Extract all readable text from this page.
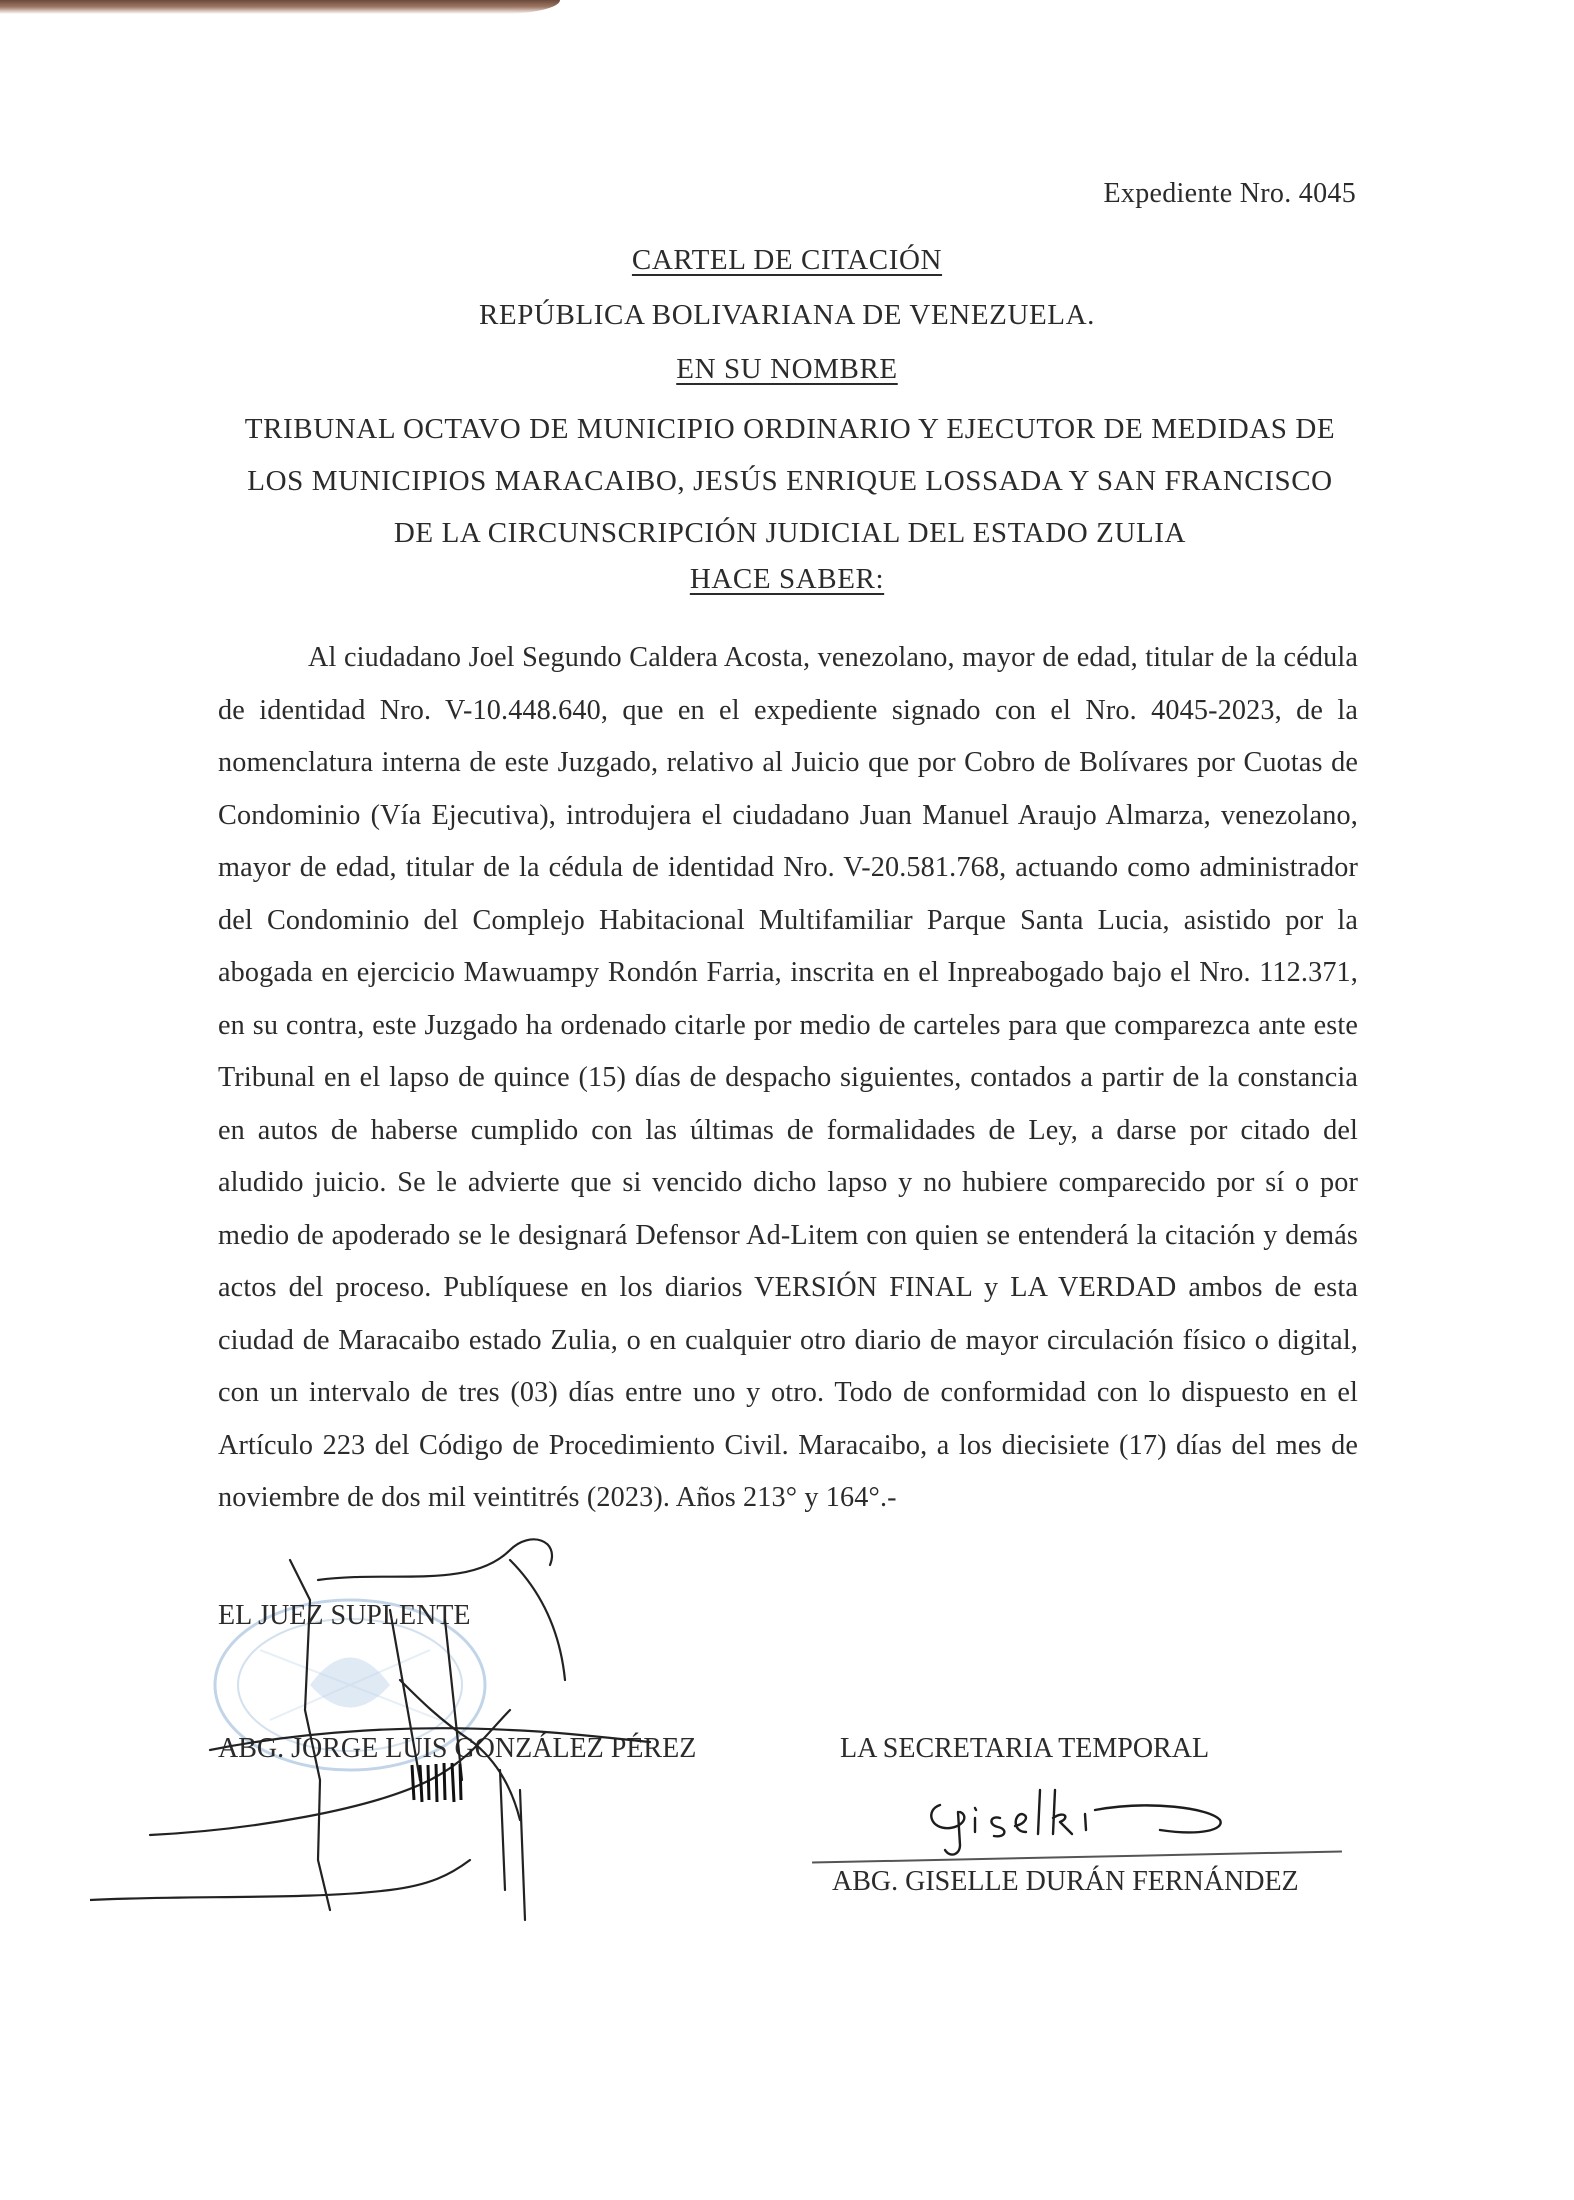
Expediente Nro. 4045
CARTEL DE CITACIÓN
REPÚBLICA BOLIVARIANA DE VENEZUELA.
EN SU NOMBRE
TRIBUNAL OCTAVO DE MUNICIPIO ORDINARIO Y EJECUTOR DE MEDIDAS DE LOS MUNICIPIOS MARACAIBO, JESÚS ENRIQUE LOSSADA Y SAN FRANCISCO DE LA CIRCUNSCRIPCIÓN JUDICIAL DEL ESTADO ZULIA
HACE SABER:
Al ciudadano Joel Segundo Caldera Acosta, venezolano, mayor de edad, titular de la cédula de identidad Nro. V-10.448.640, que en el expediente signado con el Nro. 4045-2023, de la nomenclatura interna de este Juzgado, relativo al Juicio que por Cobro de Bolívares por Cuotas de Condominio (Vía Ejecutiva), introdujera el ciudadano Juan Manuel Araujo Almarza, venezolano, mayor de edad, titular de la cédula de identidad Nro. V-20.581.768, actuando como administrador del Condominio del Complejo Habitacional Multifamiliar Parque Santa Lucia, asistido por la abogada en ejercicio Mawuampy Rondón Farria, inscrita en el Inpreabogado bajo el Nro. 112.371, en su contra, este Juzgado ha ordenado citarle por medio de carteles para que comparezca ante este Tribunal en el lapso de quince (15) días de despacho siguientes, contados a partir de la constancia en autos de haberse cumplido con las últimas de formalidades de Ley, a darse por citado del aludido juicio. Se le advierte que si vencido dicho lapso y no hubiere comparecido por sí o por medio de apoderado se le designará Defensor Ad-Litem con quien se entenderá la citación y demás actos del proceso. Publíquese en los diarios VERSIÓN FINAL y LA VERDAD ambos de esta ciudad de Maracaibo estado Zulia, o en cualquier otro diario de mayor circulación físico o digital, con un intervalo de tres (03) días entre uno y otro. Todo de conformidad con lo dispuesto en el Artículo 223 del Código de Procedimiento Civil. Maracaibo, a los diecisiete (17) días del mes de noviembre de dos mil veintitrés (2023). Años 213° y 164°.-
EL JUEZ SUPLENTE
ABG. JORGE LUIS GONZÁLEZ PÉREZ	LA SECRETARIA TEMPORAL
ABG. GISELLE DURÁN FERNÁNDEZ
